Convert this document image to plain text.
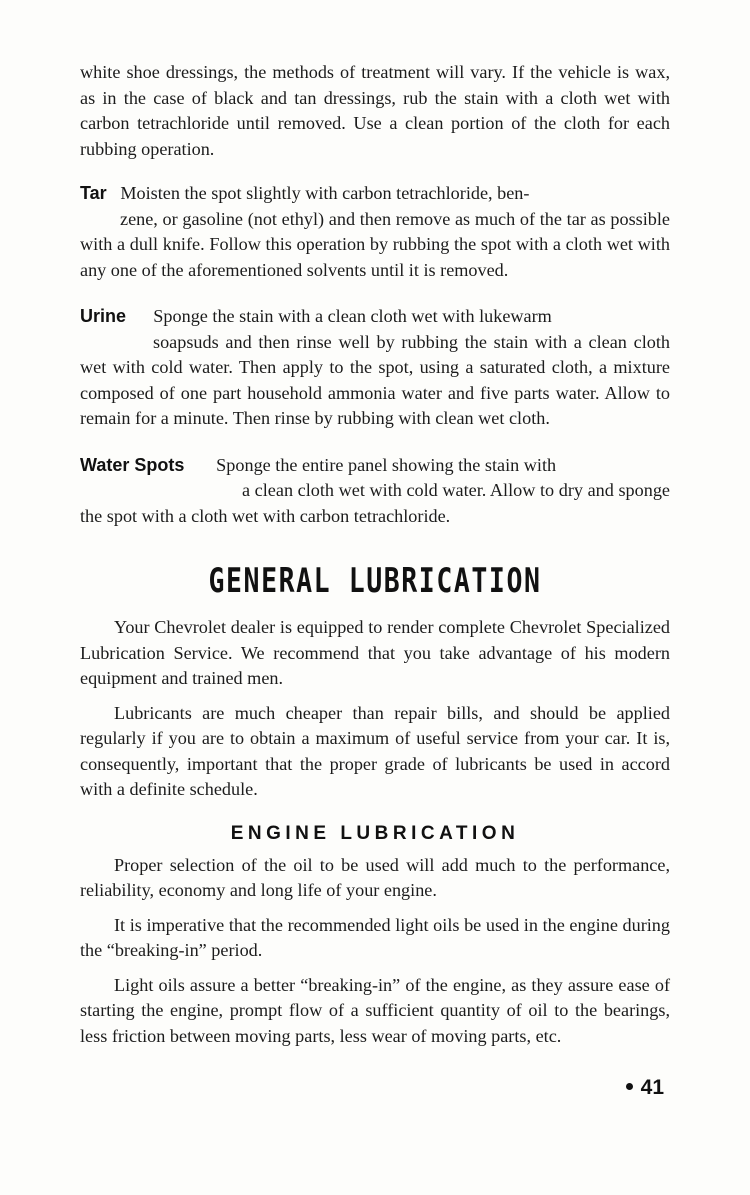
white shoe dressings, the methods of treatment will vary. If the vehicle is wax, as in the case of black and tan dressings, rub the stain with a cloth wet with carbon tetrachloride until removed. Use a clean portion of the cloth for each rubbing operation.

Tar Moisten the spot slightly with carbon tetrachloride, ben-
zene, or gasoline (not ethyl) and then remove as much of the tar as possible with a dull knife. Follow this operation by rubbing the spot with a cloth wet with any one of the aforementioned solvents until it is removed.

Urine Sponge the stain with a clean cloth wet with lukewarm
soapsuds and then rinse well by rubbing the stain with a clean cloth wet with cold water. Then apply to the spot, using a saturated cloth, a mixture composed of one part household ammonia water and five parts water. Allow to remain for a minute. Then rinse by rubbing with clean wet cloth.

Water Spots Sponge the entire panel showing the stain with
a clean cloth wet with cold water. Allow to dry and sponge the spot with a cloth wet with carbon tetrachloride.

GENERAL LUBRICATION

Your Chevrolet dealer is equipped to render complete Chevrolet Specialized Lubrication Service. We recommend that you take advantage of his modern equipment and trained men.

Lubricants are much cheaper than repair bills, and should be applied regularly if you are to obtain a maximum of useful service from your car. It is, consequently, important that the proper grade of lubricants be used in accord with a definite schedule.

ENGINE LUBRICATION

Proper selection of the oil to be used will add much to the performance, reliability, economy and long life of your engine.

It is imperative that the recommended light oils be used in the engine during the “breaking-in” period.

Light oils assure a better “breaking-in” of the engine, as they assure ease of starting the engine, prompt flow of a sufficient quantity of oil to the bearings, less friction between moving parts, less wear of moving parts, etc.

41
